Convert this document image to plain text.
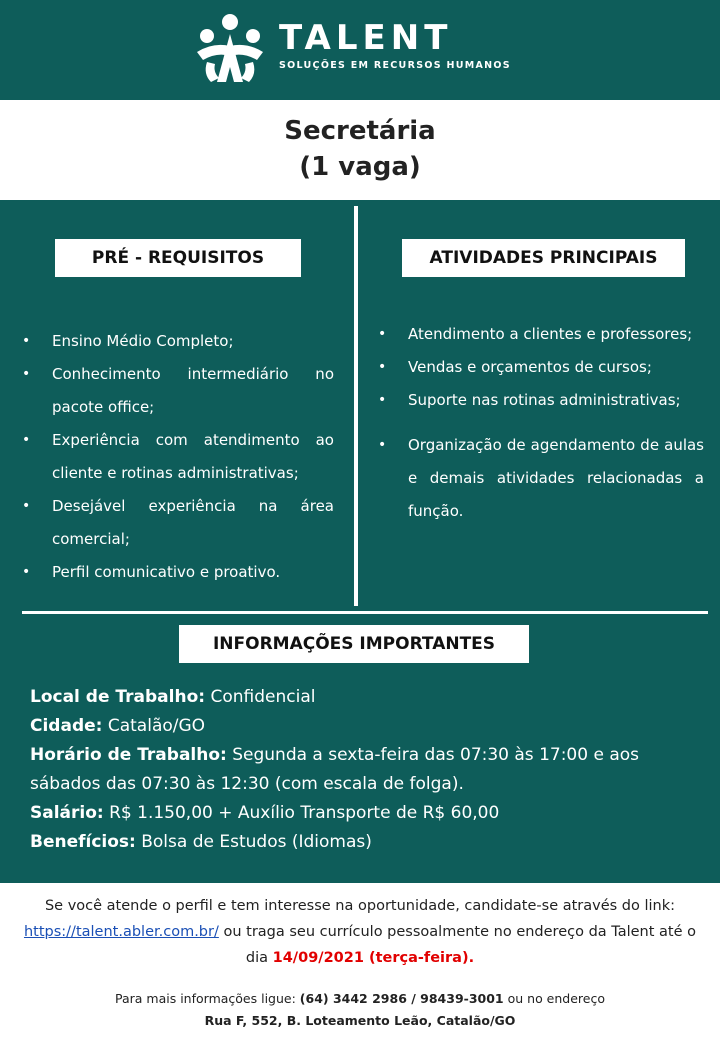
TALENT
SOLUÇÕES EM RECURSOS HUMANOS
Secretária
(1 vaga)
PRÉ - REQUISITOS
• Ensino Médio Completo;
• Conhecimento intermediário no pacote office;
• Experiência com atendimento ao cliente e rotinas administrativas;
• Desejável experiência na área comercial;
• Perfil comunicativo e proativo.
ATIVIDADES PRINCIPAIS
• Atendimento a clientes e professores;
• Vendas e orçamentos de cursos;
• Suporte nas rotinas administrativas;
• Organização de agendamento de aulas e demais atividades relacionadas a função.
INFORMAÇÕES IMPORTANTES

Local de Trabalho: Confidencial

Cidade: Catalão/GO

Horário de Trabalho: Segunda a sexta-feira das 07:30 às 17:00 e aos sábados das 07:30 às 12:30 (com escala de folga).

Salário: R$ 1.150,00 + Auxílio Transporte de R$ 60,00

Benefícios: Bolsa de Estudos (Idiomas)

Se você atende o perfil e tem interesse na oportunidade, candidate-se através do link: https://talent.abler.com.br/ ou traga seu currículo pessoalmente no endereço da Talent até o dia 14/09/2021 (terça-feira).
Para mais informações ligue: (64) 3442 2986 / 98439-3001 ou no endereço
Rua F, 552, B. Loteamento Leão, Catalão/GO
